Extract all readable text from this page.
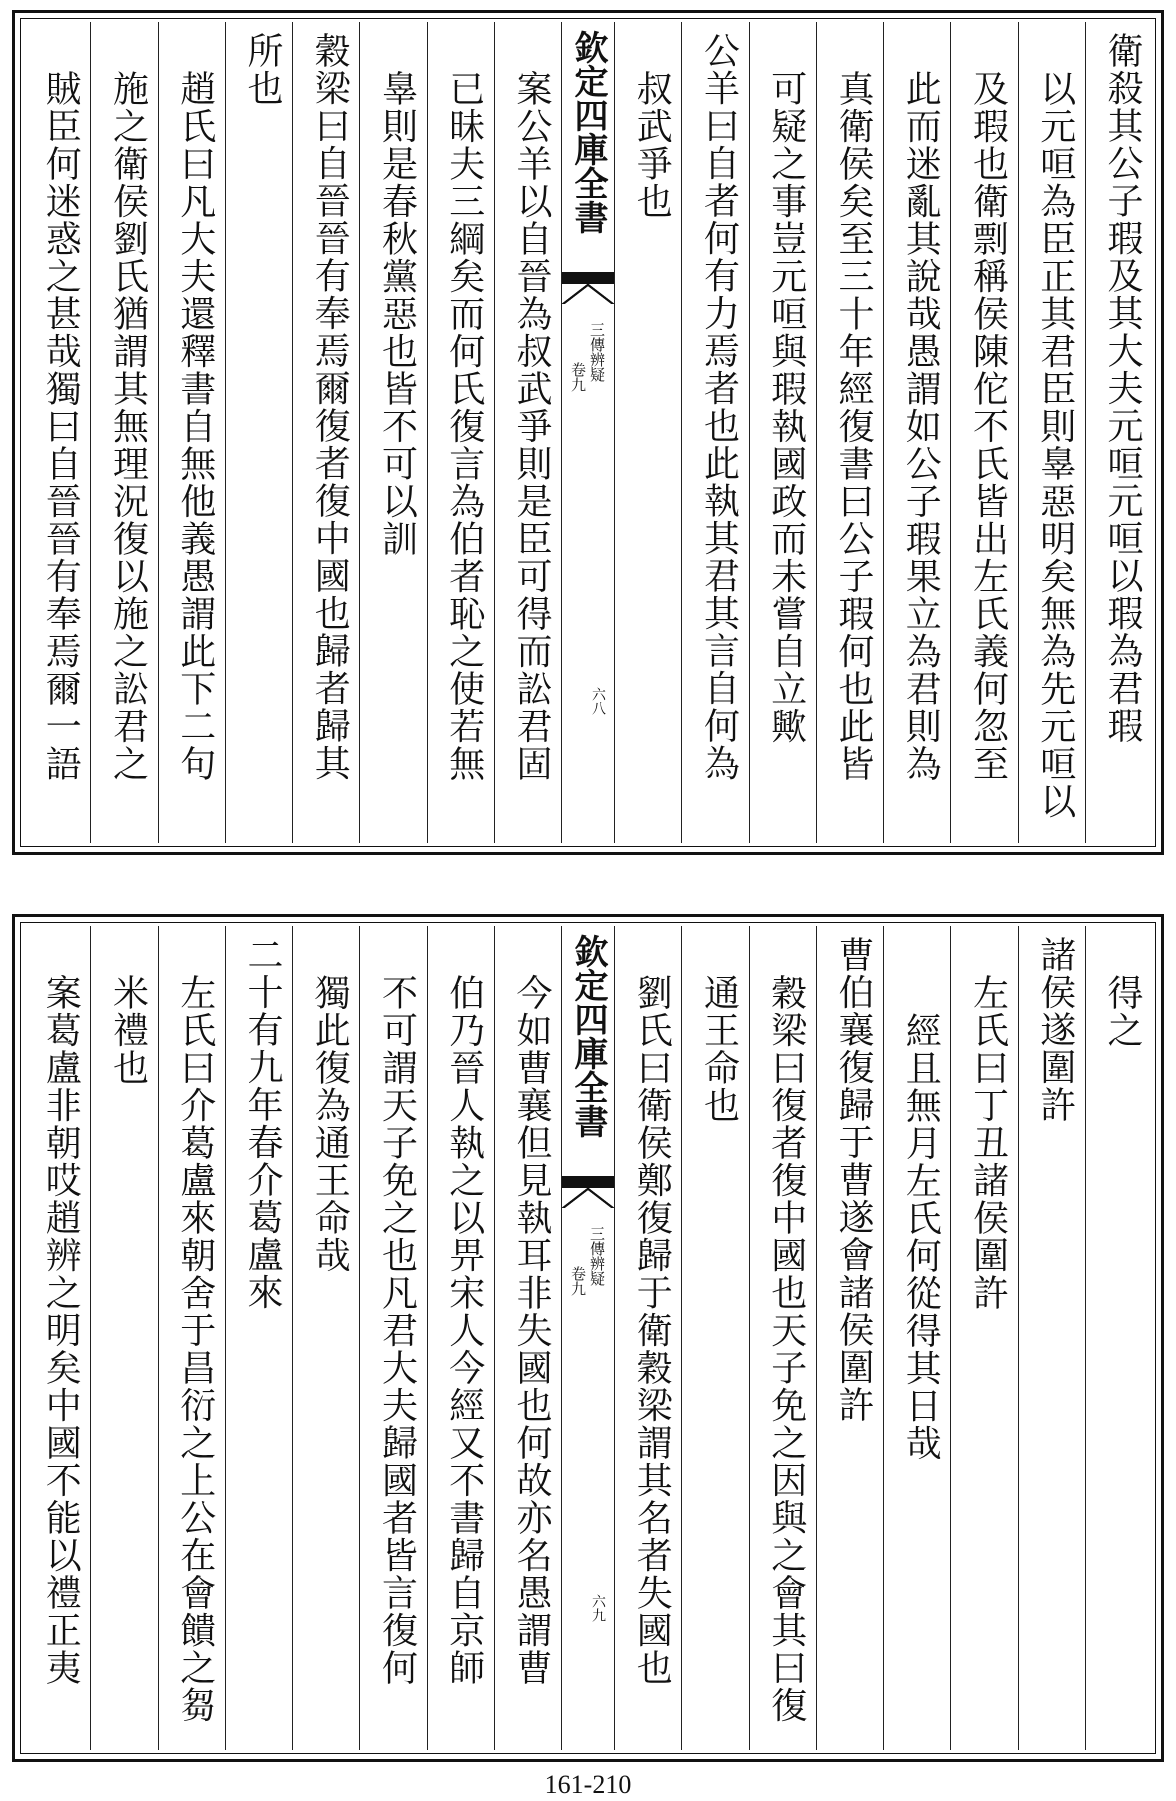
衛殺其公子瑕及其大夫元咺元咺以瑕為君瑕
以元咺為臣正其君臣則辠惡明矣無為先元咺以
及瑕也衛剽稱侯陳佗不氏皆出左氏義何忽至
此而迷亂其說哉愚謂如公子瑕果立為君則為
真衛侯矣至三十年經復書曰公子瑕何也此皆
可疑之事豈元咺與瑕執國政而未嘗自立歟
公羊曰自者何有力焉者也此執其君其言自何為
叔武爭也
欽定四庫全書
三傳辨疑
卷九
六八
案公羊以自晉為叔武爭則是臣可得而訟君固
已昧夫三綱矣而何氏復言為伯者恥之使若無
辠則是春秋黨惡也皆不可以訓
穀梁曰自晉晉有奉焉爾復者復中國也歸者歸其
所也
趙氏曰凡大夫還釋書自無他義愚謂此下二句
施之衛侯劉氏猶謂其無理況復以施之訟君之
賊臣何迷惑之甚哉獨曰自晉晉有奉焉爾一語
得之
諸侯遂圍許
左氏曰丁丑諸侯圍許
經且無月左氏何從得其日哉
曹伯襄復歸于曹遂會諸侯圍許
穀梁曰復者復中國也天子免之因與之會其曰復
通王命也
劉氏曰衛侯鄭復歸于衛穀梁謂其名者失國也
欽定四庫全書
三傳辨疑
卷九
六九
今如曹襄但見執耳非失國也何故亦名愚謂曹
伯乃晉人執之以畀宋人今經又不書歸自京師
不可謂天子免之也凡君大夫歸國者皆言復何
獨此復為通王命哉
二十有九年春介葛盧來
左氏曰介葛盧來朝舍于昌衍之上公在會饋之芻
米禮也
案葛盧非朝哎趙辨之明矣中國不能以禮正夷
161-210
